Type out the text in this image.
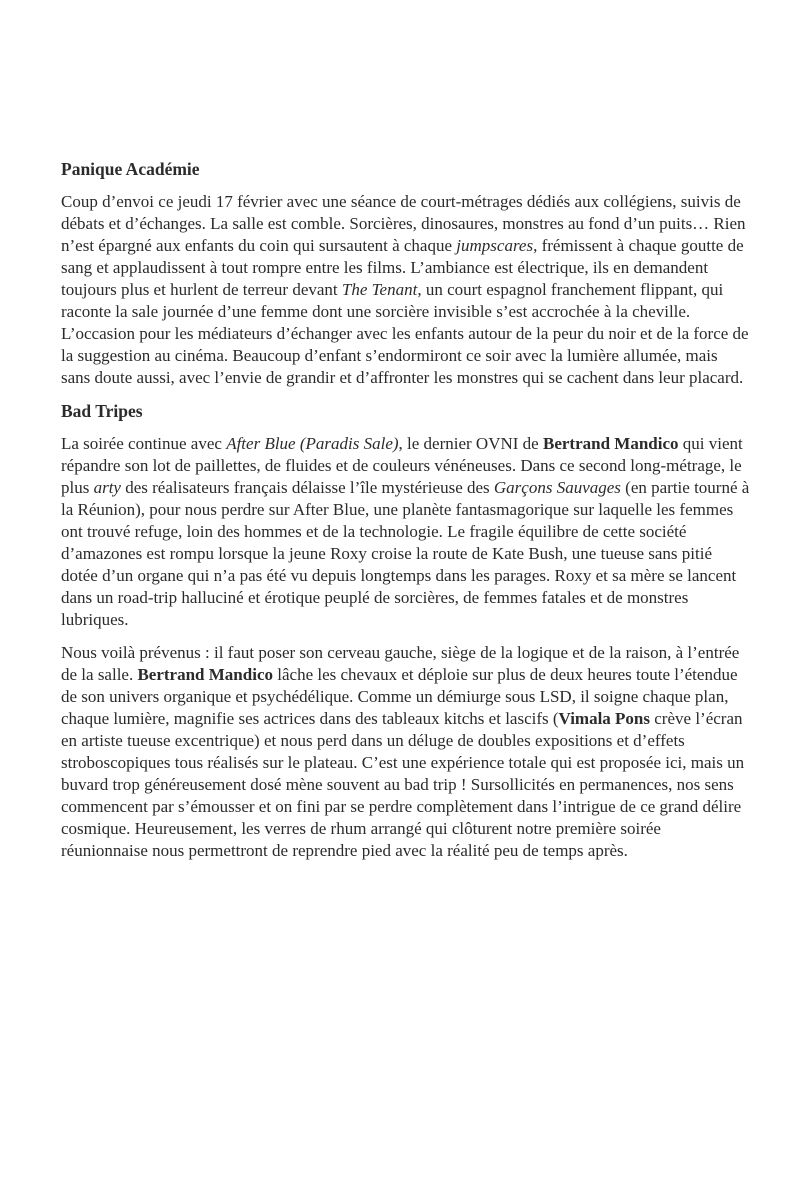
Panique Académie

Coup d’envoi ce jeudi 17 février avec une séance de court-métrages dédiés aux collégiens, suivis de débats et d’échanges. La salle est comble. Sorcières, dinosaures, monstres au fond d’un puits… Rien n’est épargné aux enfants du coin qui sursautent à chaque jumpscares, frémissent à chaque goutte de sang et applaudissent à tout rompre entre les films. L’ambiance est électrique, ils en demandent toujours plus et hurlent de terreur devant The Tenant, un court espagnol franchement flippant, qui raconte la sale journée d’une femme dont une sorcière invisible s’est accrochée à la cheville. L’occasion pour les médiateurs d’échanger avec les enfants autour de la peur du noir et de la force de la suggestion au cinéma. Beaucoup d’enfant s’endormiront ce soir avec la lumière allumée, mais sans doute aussi, avec l’envie de grandir et d’affronter les monstres qui se cachent dans leur placard.

Bad Tripes

La soirée continue avec After Blue (Paradis Sale), le dernier OVNI de Bertrand Mandico qui vient répandre son lot de paillettes, de fluides et de couleurs vénéneuses. Dans ce second long-métrage, le plus arty des réalisateurs français délaisse l’île mystérieuse des Garçons Sauvages (en partie tourné à la Réunion), pour nous perdre sur After Blue, une planète fantasmagorique sur laquelle les femmes ont trouvé refuge, loin des hommes et de la technologie. Le fragile équilibre de cette société d’amazones est rompu lorsque la jeune Roxy croise la route de Kate Bush, une tueuse sans pitié dotée d’un organe qui n’a pas été vu depuis longtemps dans les parages. Roxy et sa mère se lancent dans un road-trip halluciné et érotique peuplé de sorcières, de femmes fatales et de monstres lubriques.

Nous voilà prévenus : il faut poser son cerveau gauche, siège de la logique et de la raison, à l’entrée de la salle. Bertrand Mandico lâche les chevaux et déploie sur plus de deux heures toute l’étendue de son univers organique et psychédélique. Comme un démiurge sous LSD, il soigne chaque plan, chaque lumière, magnifie ses actrices dans des tableaux kitchs et lascifs (Vimala Pons crève l’écran en artiste tueuse excentrique) et nous perd dans un déluge de doubles expositions et d’effets stroboscopiques tous réalisés sur le plateau. C’est une expérience totale qui est proposée ici, mais un buvard trop généreusement dosé mène souvent au bad trip ! Sursollicités en permanences, nos sens commencent par s’émousser et on fini par se perdre complètement dans l’intrigue de ce grand délire cosmique. Heureusement, les verres de rhum arrangé qui clôturent notre première soirée réunionnaise nous permettront de reprendre pied avec la réalité peu de temps après.
